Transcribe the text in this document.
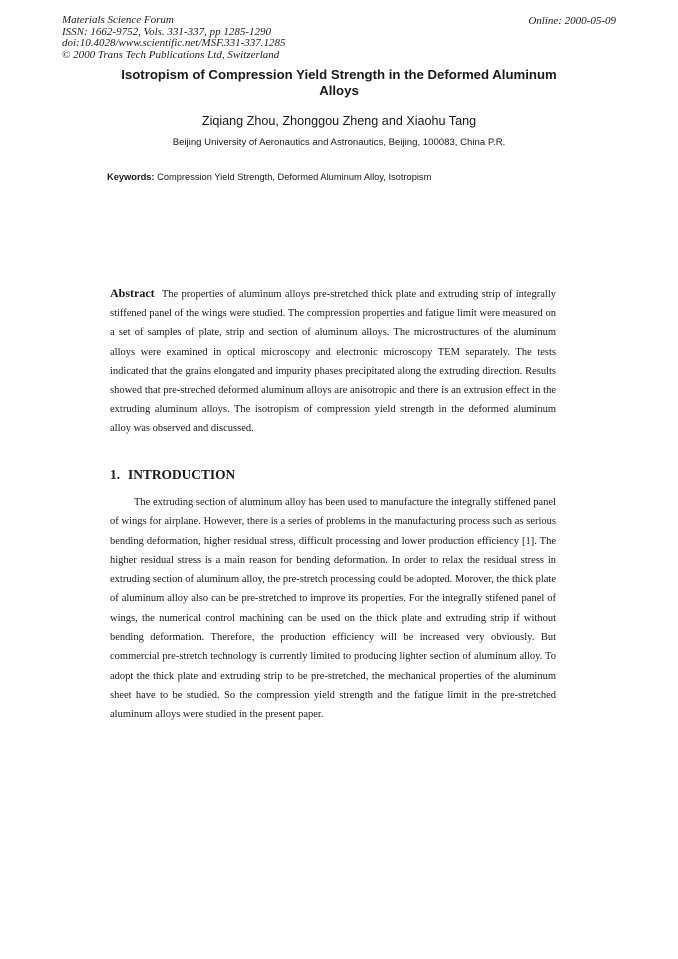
Materials Science Forum
ISSN: 1662-9752, Vols. 331-337, pp 1285-1290
doi:10.4028/www.scientific.net/MSF.331-337.1285
© 2000 Trans Tech Publications Ltd, Switzerland
Online: 2000-05-09
Isotropism of Compression Yield Strength in the Deformed Aluminum Alloys
Ziqiang Zhou, Zhonggou Zheng and Xiaohu Tang
Beijing University of Aeronautics and Astronautics, Beijing, 100083, China P.R.
Keywords: Compression Yield Strength, Deformed Aluminum Alloy, Isotropism
Abstract The properties of aluminum alloys pre-stretched thick plate and extruding strip of integrally stiffened panel of the wings were studied. The compression properties and fatigue limit were measured on a set of samples of plate, strip and section of aluminum alloys. The microstructures of the aluminum alloys were examined in optical microscopy and electronic microscopy TEM separately. The tests indicated that the grains elongated and impurity phases precipitated along the extruding direction. Results showed that pre-streched deformed aluminum alloys are anisotropic and there is an extrusion effect in the extruding aluminum alloys. The isotropism of compression yield strength in the deformed aluminum alloy was observed and discussed.
1. INTRODUCTION
The extruding section of aluminum alloy has been used to manufacture the integrally stiffened panel of wings for airplane. However, there is a series of problems in the manufacturing process such as serious bending deformation, higher residual stress, difficult processing and lower production efficiency [1]. The higher residual stress is a main reason for bending deformation. In order to relax the residual stress in extruding section of aluminum alloy, the pre-stretch processing could be adopted. Morover, the thick plate of aluminum alloy also can be pre-stretched to improve its properties. For the integrally stifened panel of wings, the numerical control machining can be used on the thick plate and extruding strip if without bending deformation. Therefore, the production efficiency will be increased very obviously. But commercial pre-stretch technology is currently limited to producing lighter section of aluminum alloy. To adopt the thick plate and extruding strip to be pre-stretched, the mechanical properties of the aluminum sheet have to be studied. So the compression yield strength and the fatigue limit in the pre-stretched aluminum alloys were studied in the present paper.
